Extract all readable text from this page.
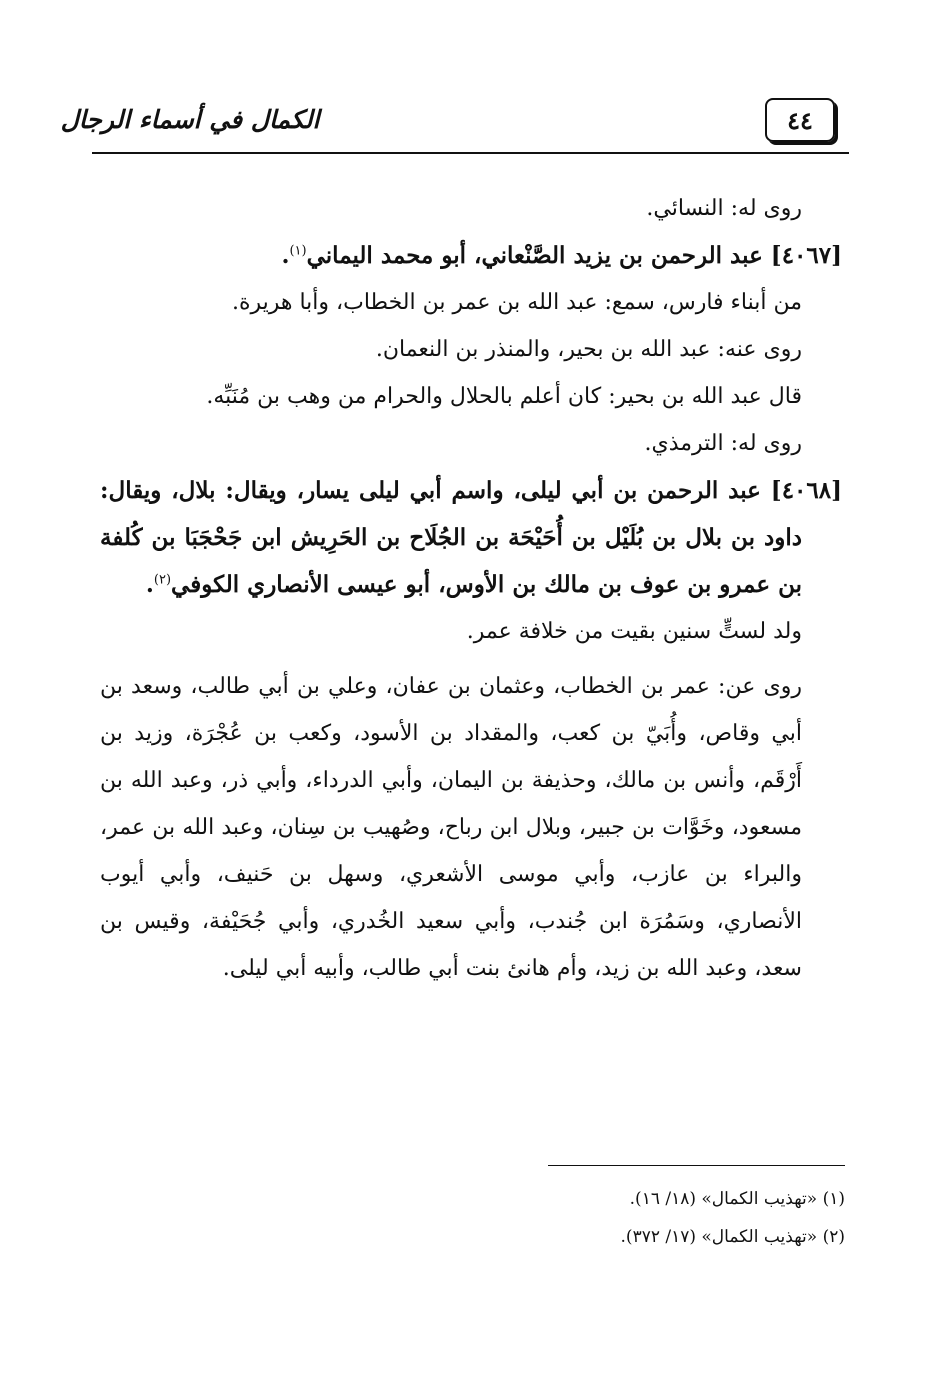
٤٤
الكمال في أسماء الرجال

روى له: النسائي.

[٤٠٦٧] عبد الرحمن بن يزيد الصَّنْعاني، أبو محمد اليماني$^{(١)}$.

من أبناء فارس، سمع: عبد الله بن عمر بن الخطاب، وأبا هريرة.

روى عنه: عبد الله بن بحير، والمنذر بن النعمان.

قال عبد الله بن بحير: كان أعلم بالحلال والحرام من وهب بن مُنَبِّه.

روى له: الترمذي.

[٤٠٦٨] عبد الرحمن بن أبي ليلى، واسم أبي ليلى يسار، ويقال: بلال، ويقال: داود بن بلال بن بُلَيْل بن أُحَيْحَة بن الجُلَاح بن الحَرِيش ابن جَحْجَبَا بن كُلفة بن عمرو بن عوف بن مالك بن الأوس، أبو عيسى الأنصاري الكوفي$^{(٢)}$.

ولد لستٍّ سنين بقيت من خلافة عمر.

روى عن: عمر بن الخطاب، وعثمان بن عفان، وعلي بن أبي طالب، وسعد بن أبي وقاص، وأُبَيّ بن كعب، والمقداد بن الأسود، وكعب بن عُجْرَة، وزيد بن أَرْقَم، وأنس بن مالك، وحذيفة بن اليمان، وأبي الدرداء، وأبي ذر، وعبد الله بن مسعود، وخَوَّات بن جبير، وبلال ابن رباح، وصُهيب بن سِنان، وعبد الله بن عمر، والبراء بن عازب، وأبي موسى الأشعري، وسهل بن حَنيف، وأبي أيوب الأنصاري، وسَمُرَة ابن جُندب، وأبي سعيد الخُدري، وأبي جُحَيْفة، وقيس بن سعد، وعبد الله بن زيد، وأم هانئ بنت أبي طالب، وأبيه أبي ليلى.

(١) «تهذيب الكمال» (١٨/ ١٦).

(٢) «تهذيب الكمال» (١٧/ ٣٧٢).
